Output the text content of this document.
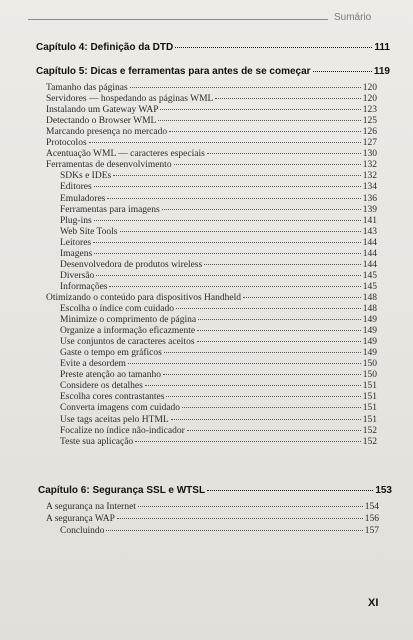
Sumário
Capítulo 4: Definição da DTD	111
Capítulo 5: Dicas e ferramentas para antes de se começar	119
Tamanho das páginas	120
Servidores — hospedando as páginas WML	120
Instalando um Gateway WAP	123
Detectando o Browser WML	125
Marcando presença no mercado	126
Protocolos	127
Acentuação WML — caracteres especiais	130
Ferramentas de desenvolvimento	132
SDKs e IDEs	132
Editores	134
Emuladores	136
Ferramentas para imagens	139
Plug-ins	141
Web Site Tools	143
Leitores	144
Imagens	144
Desenvolvedora de produtos wireless	144
Diversão	145
Informações	145
Otimizando o conteúdo para dispositivos Handheld	148
Escolha o índice com cuidado	148
Minimize o comprimento de página	149
Organize a informação eficazmente	149
Use conjuntos de caracteres aceitos	149
Gaste o tempo em gráficos	149
Evite a desordem	150
Preste atenção ao tamanho	150
Considere os detalhes	151
Escolha cores contrastantes	151
Converta imagens com cuidado	151
Use tags aceitas pelo HTML	151
Focalize no índice não-indicador	152
Teste sua aplicação	152
Capítulo 6: Segurança SSL e WTSL	153
A segurança na Internet	154
A segurança WAP	156
Concluindo	157
XI
